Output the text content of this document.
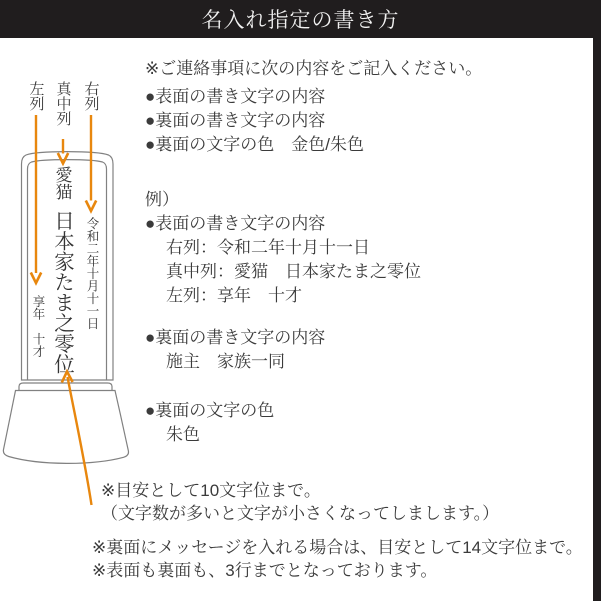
名入れ指定の書き方
左列 真中列 右列
愛猫
日本家たま之零位 令和二年十月十一日
享年　十才
※ご連絡事項に次の内容をご記入ください。
●表面の書き文字の内容
●裏面の書き文字の内容
●裏面の文字の色　金色/朱色
例）
●表面の書き文字の内容
右列：令和二年十月十一日
真中列：愛猫　日本家たま之零位
左列：享年　十才
●裏面の書き文字の内容
施主　家族一同
●裏面の文字の色
朱色
※目安として10文字位まで。
（文字数が多いと文字が小さくなってしまします。）
※裏面にメッセージを入れる場合は、目安として14文字位まで。
※表面も裏面も、3行までとなっております。
